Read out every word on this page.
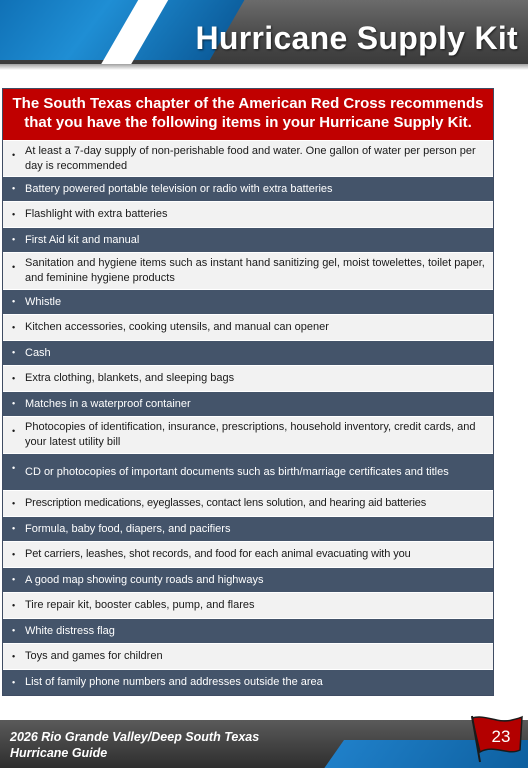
Hurricane Supply Kit
The South Texas chapter of the American Red Cross recommends that you have the following items in your Hurricane Supply Kit.
• At least a 7-day supply of non-perishable food and water. One gallon of water per person per day is recommended
• Battery powered portable television or radio with extra batteries
• Flashlight with extra batteries
• First Aid kit and manual
• Sanitation and hygiene items such as instant hand sanitizing gel, moist towelettes, toilet paper, and feminine hygiene products
• Whistle
• Kitchen accessories, cooking utensils, and manual can opener
• Cash
• Extra clothing, blankets, and sleeping bags
• Matches in a waterproof container
• Photocopies of identification, insurance, prescriptions, household inventory, credit cards, and your latest utility bill
• CD or photocopies of important documents such as birth/marriage certificates and titles
• Prescription medications, eyeglasses, contact lens solution, and hearing aid batteries
• Formula, baby food, diapers, and pacifiers
• Pet carriers, leashes, shot records, and food for each animal evacuating with you
• A good map showing county roads and highways
• Tire repair kit, booster cables, pump, and flares
• White distress flag
• Toys and games for children
• List of family phone numbers and addresses outside the area
2026 Rio Grande Valley/Deep South Texas
Hurricane Guide
23
